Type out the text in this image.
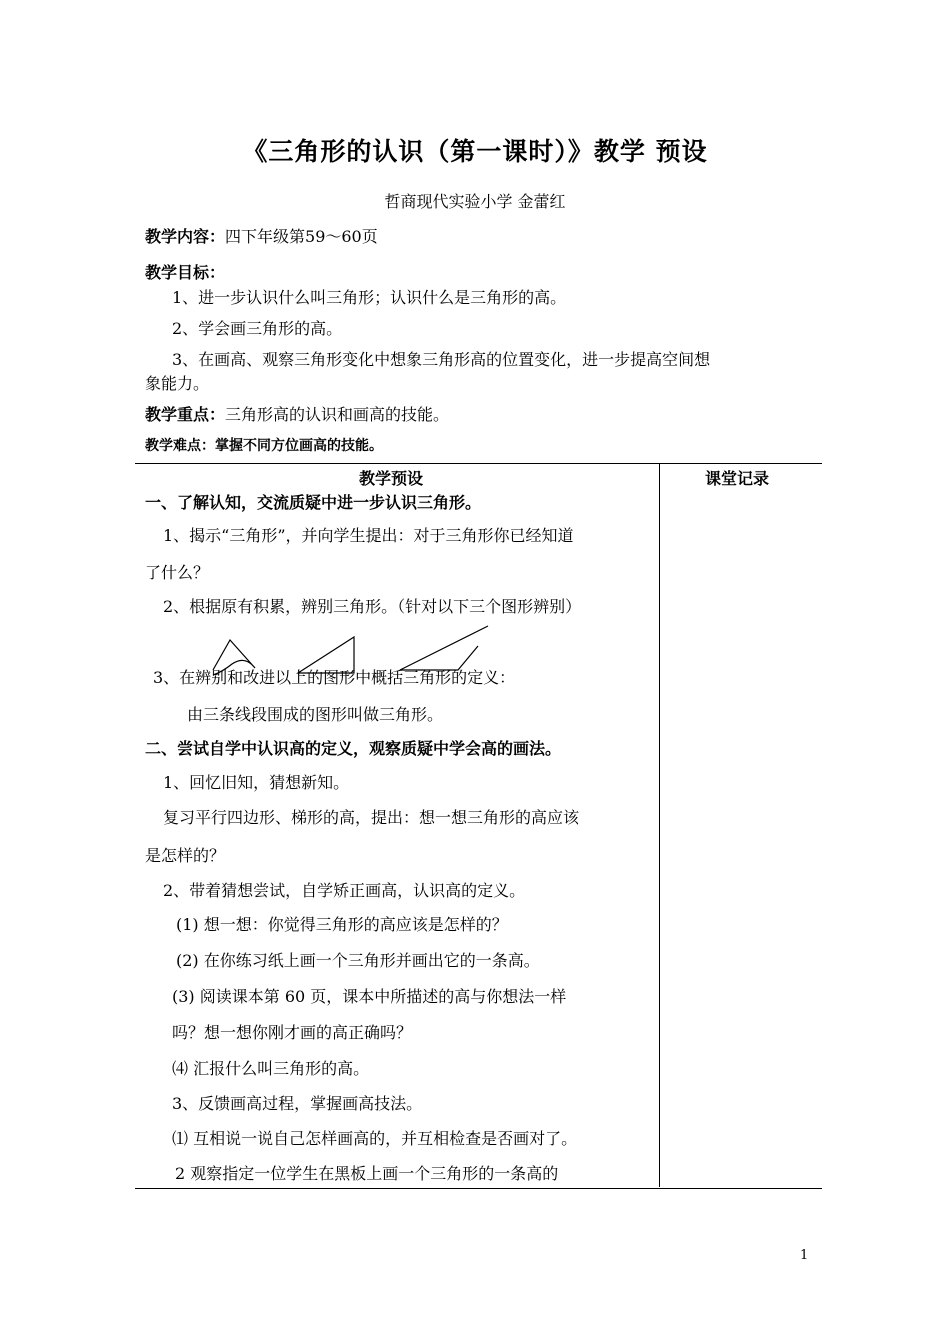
《三角形的认识（第一课时）》教学 预设
哲商现代实验小学 金蕾红
教学内容：四下年级第59～60页
教学目标：
1、进一步认识什么叫三角形；认识什么是三角形的高。
2、学会画三角形的高。
3、在画高、观察三角形变化中想象三角形高的位置变化，进一步提高空间想
象能力。
教学重点：三角形高的认识和画高的技能。
教学难点：掌握不同方位画高的技能。
教学预设	课堂记录
一、了解认知，交流质疑中进一步认识三角形。
1、揭示“三角形”，并向学生提出：对于三角形你已经知道
了什么？
2、根据原有积累，辨别三角形。（针对以下三个图形辨别）
3、在辨别和改进以上的图形中概括三角形的定义：
由三条线段围成的图形叫做三角形。
二、尝试自学中认识高的定义，观察质疑中学会高的画法。
1、回忆旧知，猜想新知。
复习平行四边形、梯形的高，提出：想一想三角形的高应该
是怎样的？
2、带着猜想尝试，自学矫正画高，认识高的定义。
(1) 想一想：你觉得三角形的高应该是怎样的？
(2) 在你练习纸上画一个三角形并画出它的一条高。
(3) 阅读课本第 60 页，课本中所描述的高与你想法一样
吗？想一想你刚才画的高正确吗？
⑷ 汇报什么叫三角形的高。
3、反馈画高过程，掌握画高技法。
⑴ 互相说一说自己怎样画高的，并互相检查是否画对了。
2 观察指定一位学生在黑板上画一个三角形的一条高的
1
